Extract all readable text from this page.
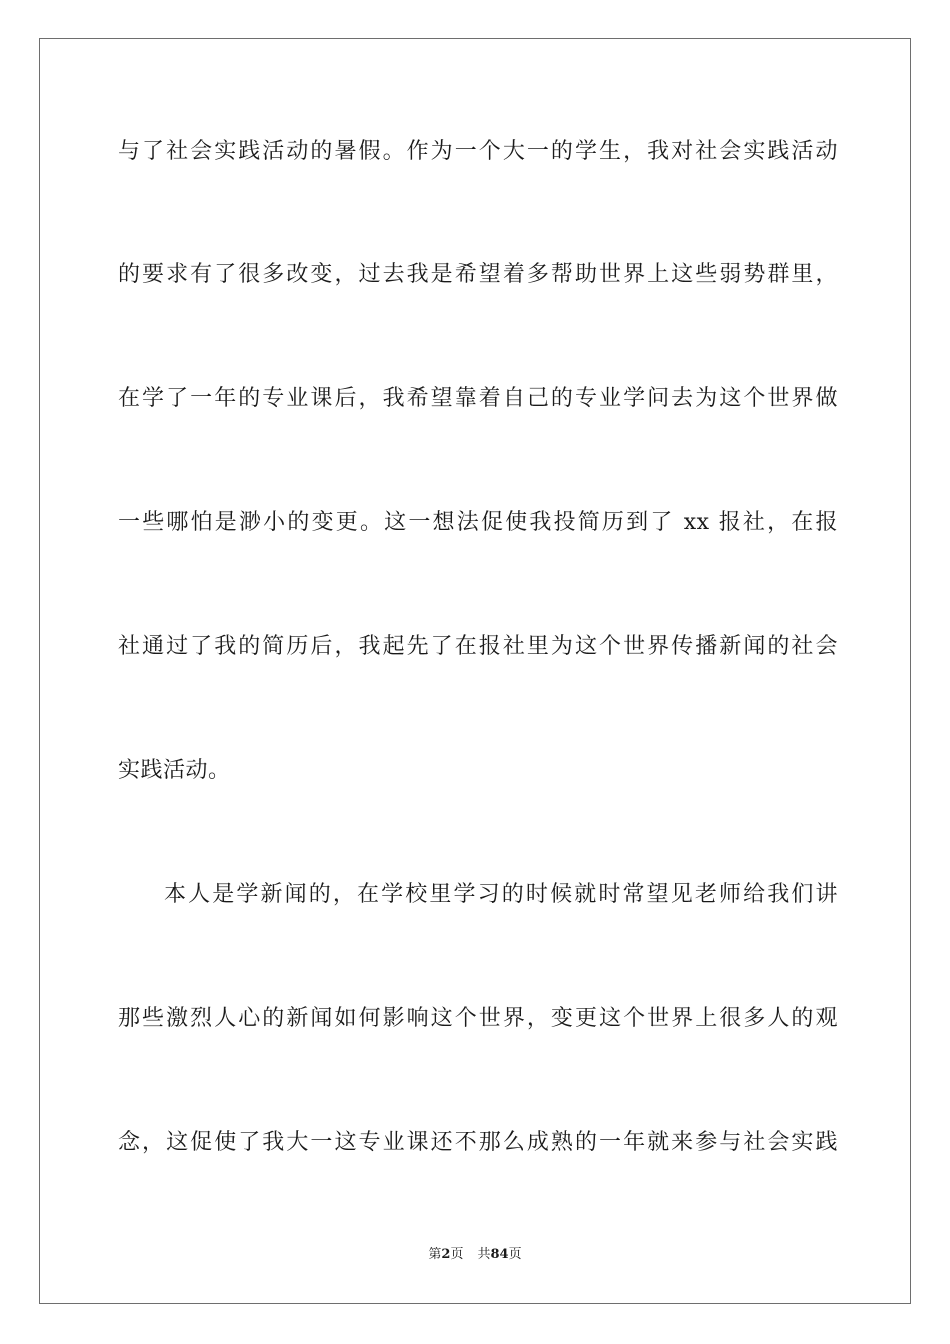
与了社会实践活动的暑假。作为一个大一的学生，我对社会实践活动
的要求有了很多改变，过去我是希望着多帮助世界上这些弱势群里，
在学了一年的专业课后，我希望靠着自己的专业学问去为这个世界做
一些哪怕是渺小的变更。这一想法促使我投简历到了 xx 报社，在报
社通过了我的简历后，我起先了在报社里为这个世界传播新闻的社会
实践活动。
本人是学新闻的，在学校里学习的时候就时常望见老师给我们讲
那些激烈人心的新闻如何影响这个世界，变更这个世界上很多人的观
念，这促使了我大一这专业课还不那么成熟的一年就来参与社会实践
第2页 共84页
